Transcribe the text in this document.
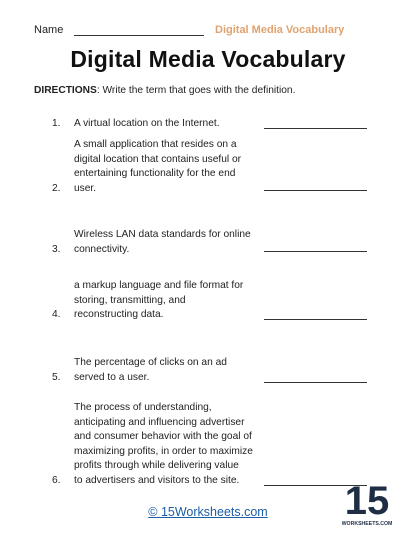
Name	Digital Media Vocabulary
Digital Media Vocabulary
DIRECTIONS: Write the term that goes with the definition.
1. A virtual location on the Internet.
2.
A small application that resides on a
digital location that contains useful or
entertaining functionality for the end
user.
3.
Wireless LAN data standards for online
connectivity.
4.
a markup language and file format for
storing, transmitting, and
reconstructing data.
5.
The percentage of clicks on an ad
served to a user.
6.
The process of understanding,
anticipating and influencing advertiser
and consumer behavior with the goal of
maximizing profits, in order to maximize
profits through while delivering value
to advertisers and visitors to the site.
© 15Worksheets.com	15
WORKSHEETS.COM
